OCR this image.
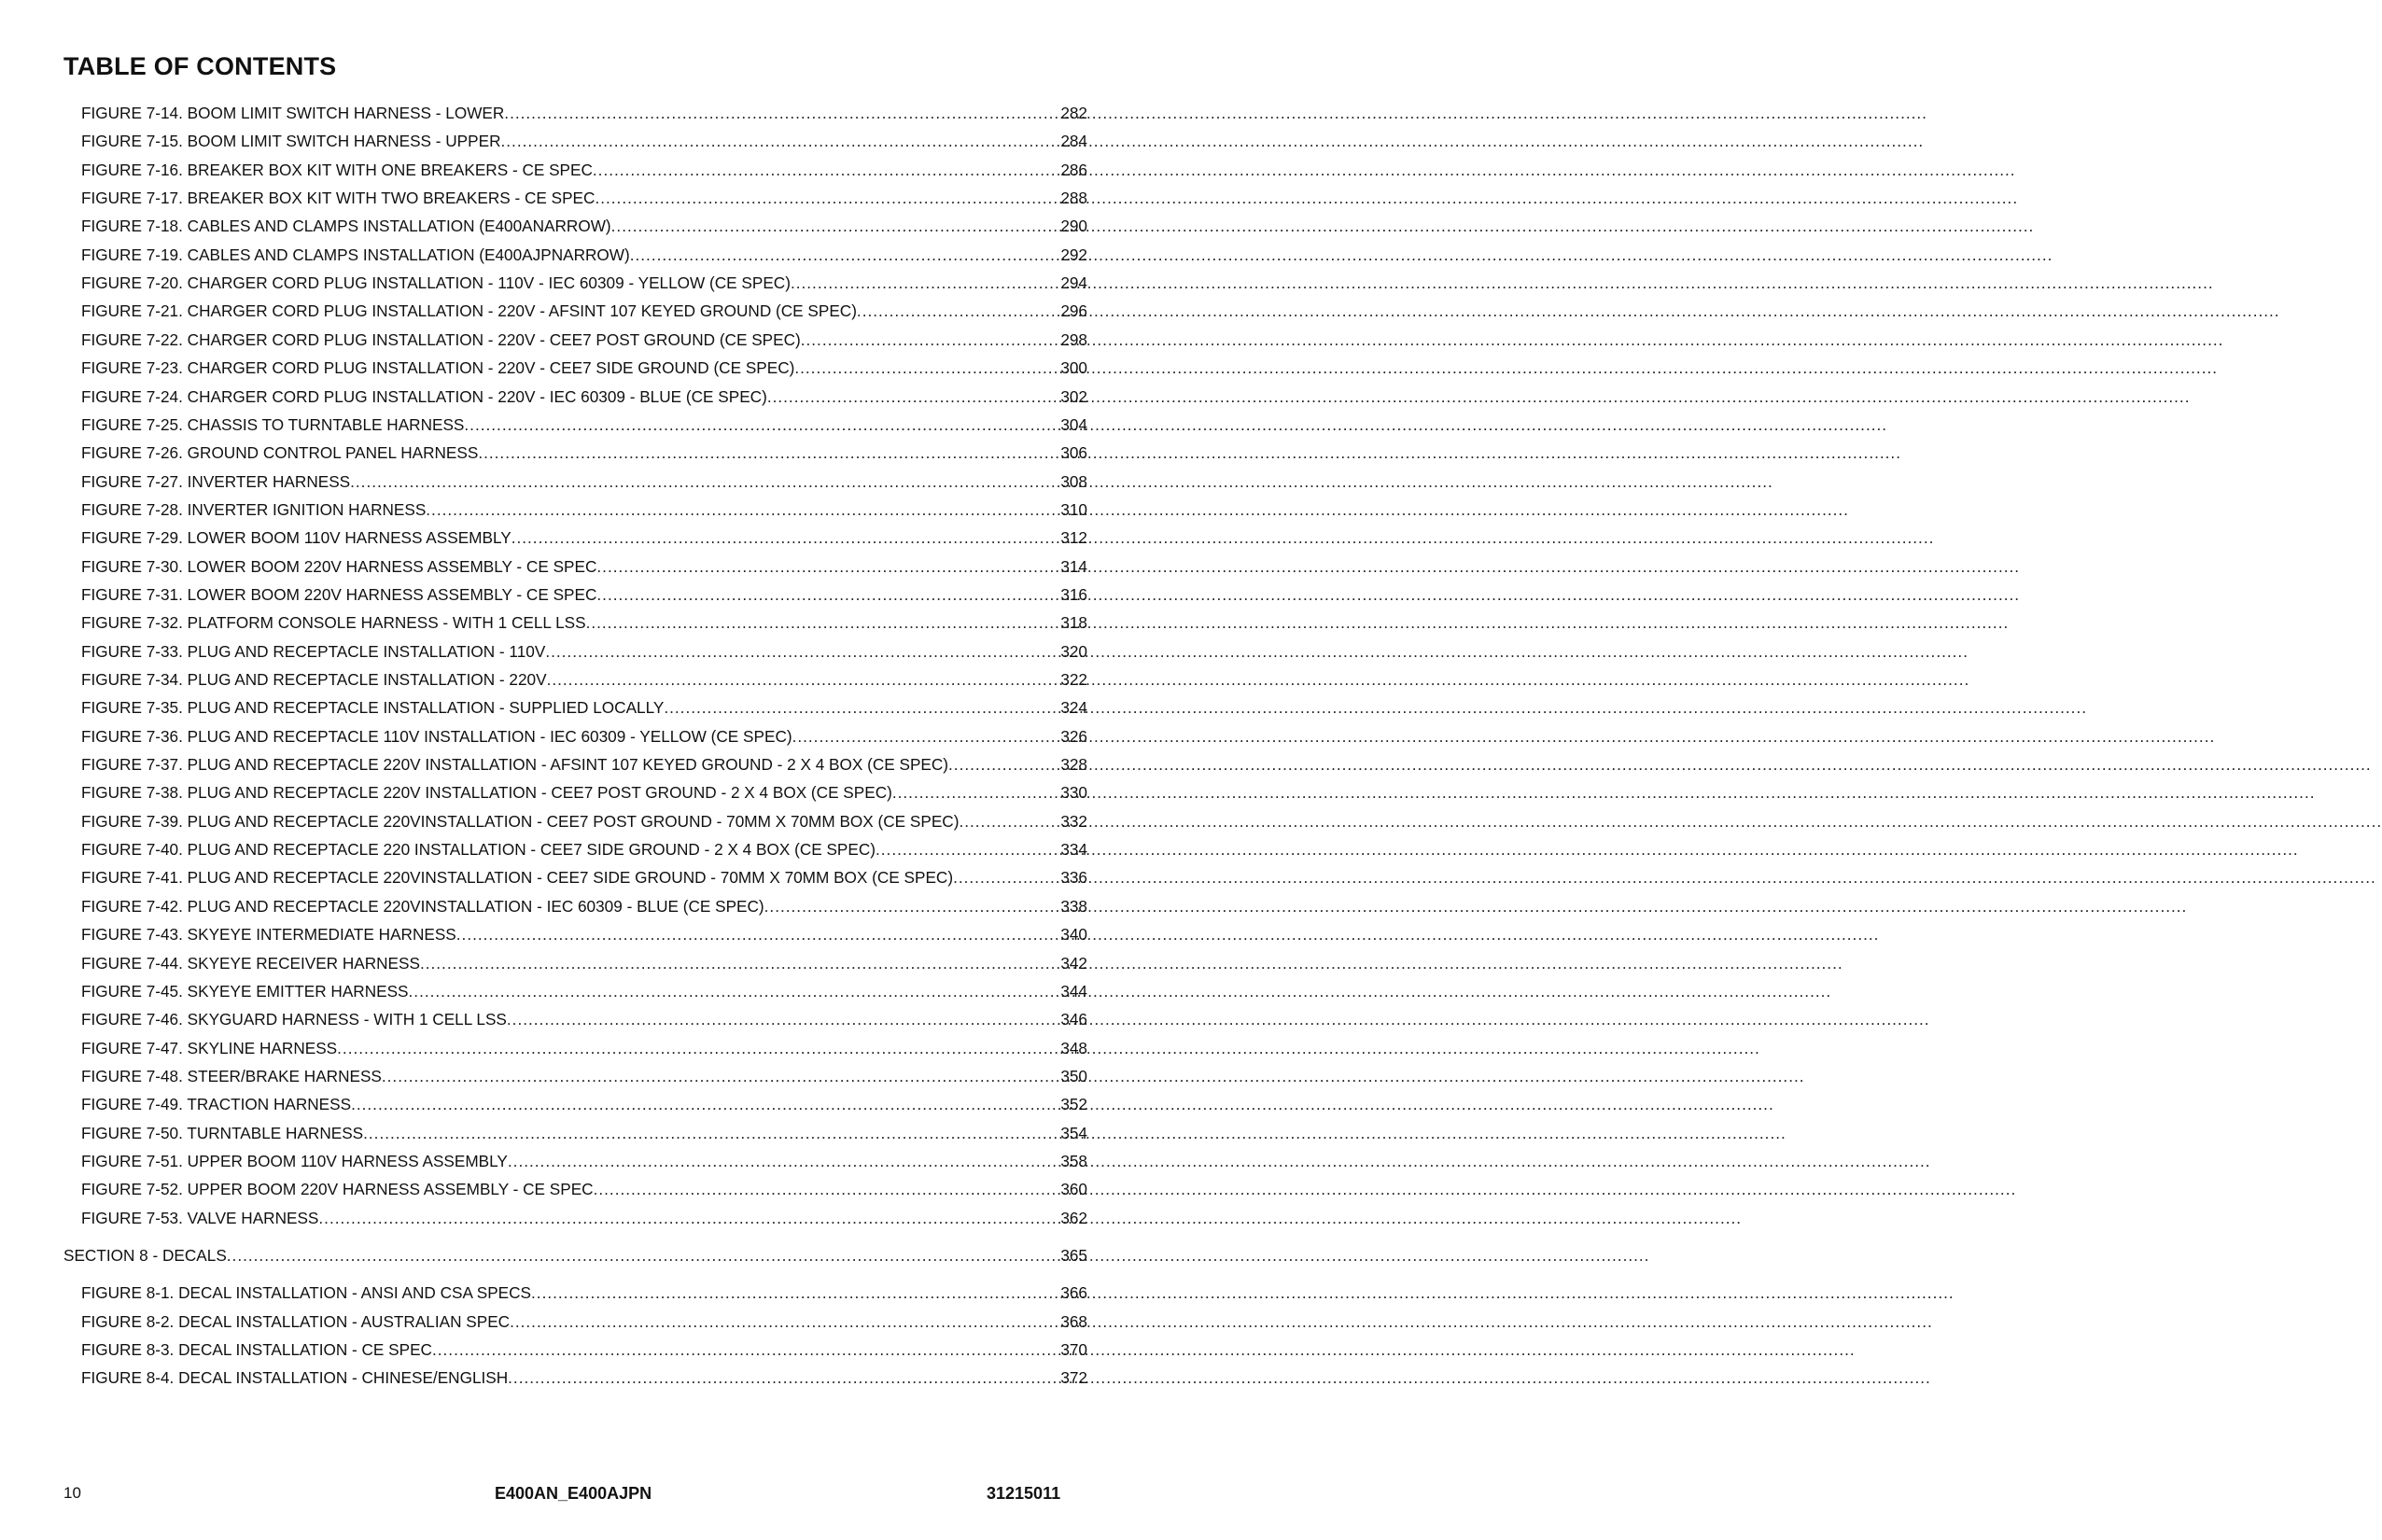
TABLE OF CONTENTS
FIGURE 7-14. BOOM LIMIT SWITCH HARNESS - LOWER .....	282
FIGURE 7-15. BOOM LIMIT SWITCH HARNESS - UPPER .....	284
FIGURE 7-16. BREAKER BOX KIT WITH ONE BREAKERS - CE SPEC .....	286
FIGURE 7-17. BREAKER BOX KIT WITH TWO BREAKERS - CE SPEC .....	288
FIGURE 7-18. CABLES AND CLAMPS INSTALLATION (E400ANARROW) .....	290
FIGURE 7-19. CABLES AND CLAMPS INSTALLATION (E400AJPNARROW) .....	292
FIGURE 7-20. CHARGER CORD PLUG INSTALLATION - 110V - IEC 60309 - YELLOW (CE SPEC) .....	294
FIGURE 7-21. CHARGER CORD PLUG INSTALLATION - 220V - AFSINT 107 KEYED GROUND (CE SPEC) .....	296
FIGURE 7-22. CHARGER CORD PLUG INSTALLATION - 220V - CEE7 POST GROUND (CE SPEC) .....	298
FIGURE 7-23. CHARGER CORD PLUG INSTALLATION - 220V - CEE7 SIDE GROUND (CE SPEC) .....	300
FIGURE 7-24. CHARGER CORD PLUG INSTALLATION - 220V - IEC 60309 - BLUE (CE SPEC) .....	302
FIGURE 7-25. CHASSIS TO TURNTABLE HARNESS .....	304
FIGURE 7-26. GROUND CONTROL PANEL HARNESS .....	306
FIGURE 7-27. INVERTER HARNESS .....	308
FIGURE 7-28. INVERTER IGNITION HARNESS .....	310
FIGURE 7-29. LOWER BOOM 110V HARNESS ASSEMBLY .....	312
FIGURE 7-30. LOWER BOOM 220V HARNESS ASSEMBLY - CE SPEC .....	314
FIGURE 7-31. LOWER BOOM 220V HARNESS ASSEMBLY - CE SPEC .....	316
FIGURE 7-32. PLATFORM CONSOLE HARNESS - WITH 1 CELL LSS .....	318
FIGURE 7-33. PLUG AND RECEPTACLE INSTALLATION - 110V .....	320
FIGURE 7-34. PLUG AND RECEPTACLE INSTALLATION - 220V .....	322
FIGURE 7-35. PLUG AND RECEPTACLE INSTALLATION - SUPPLIED LOCALLY .....	324
FIGURE 7-36. PLUG AND RECEPTACLE 110V INSTALLATION - IEC 60309 - YELLOW (CE SPEC) .....	326
FIGURE 7-37. PLUG AND RECEPTACLE 220V INSTALLATION - AFSINT 107 KEYED GROUND - 2 X 4 BOX (CE SPEC) .....	328
FIGURE 7-38. PLUG AND RECEPTACLE 220V INSTALLATION - CEE7 POST GROUND - 2 X 4 BOX (CE SPEC) .....	330
FIGURE 7-39. PLUG AND RECEPTACLE 220VINSTALLATION - CEE7 POST GROUND - 70MM X 70MM BOX (CE SPEC) .....	332
FIGURE 7-40. PLUG AND RECEPTACLE 220 INSTALLATION - CEE7 SIDE GROUND - 2 X 4 BOX (CE SPEC) .....	334
FIGURE 7-41. PLUG AND RECEPTACLE 220VINSTALLATION - CEE7 SIDE GROUND - 70MM X 70MM BOX (CE SPEC) .....	336
FIGURE 7-42. PLUG AND RECEPTACLE 220VINSTALLATION - IEC 60309 - BLUE (CE SPEC) .....	338
FIGURE 7-43. SKYEYE INTERMEDIATE HARNESS .....	340
FIGURE 7-44. SKYEYE RECEIVER HARNESS .....	342
FIGURE 7-45. SKYEYE EMITTER HARNESS .....	344
FIGURE 7-46. SKYGUARD HARNESS - WITH 1 CELL LSS .....	346
FIGURE 7-47. SKYLINE HARNESS .....	348
FIGURE 7-48. STEER/BRAKE HARNESS .....	350
FIGURE 7-49. TRACTION HARNESS .....	352
FIGURE 7-50. TURNTABLE HARNESS .....	354
FIGURE 7-51. UPPER BOOM 110V HARNESS ASSEMBLY .....	358
FIGURE 7-52. UPPER BOOM 220V HARNESS ASSEMBLY - CE SPEC .....	360
FIGURE 7-53. VALVE HARNESS .....	362
SECTION 8 - DECALS .....	365
FIGURE 8-1. DECAL INSTALLATION - ANSI AND CSA SPECS .....	366
FIGURE 8-2. DECAL INSTALLATION - AUSTRALIAN SPEC .....	368
FIGURE 8-3. DECAL INSTALLATION - CE SPEC .....	370
FIGURE 8-4. DECAL INSTALLATION - CHINESE/ENGLISH .....	372
10	E400AN_E400AJPN	31215011
